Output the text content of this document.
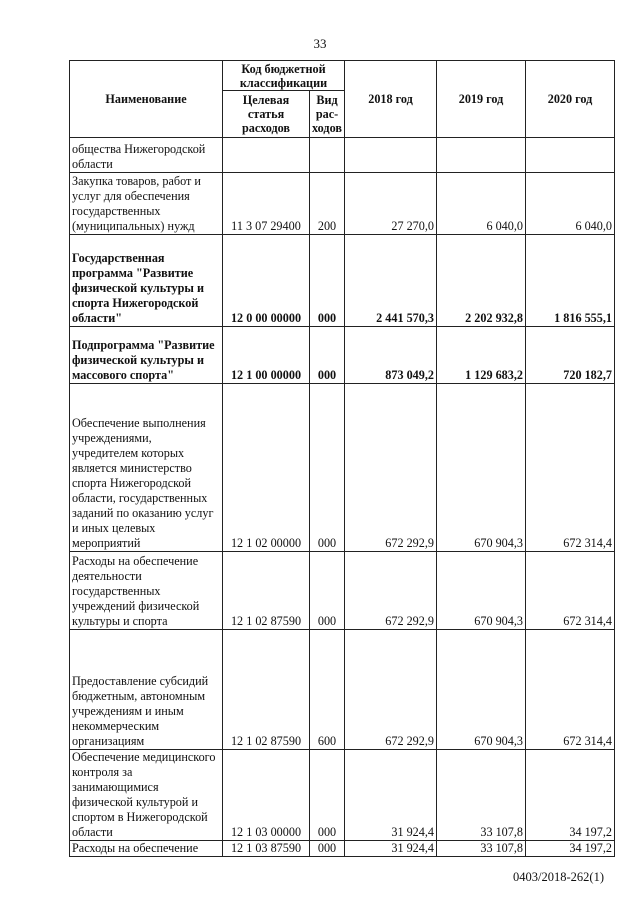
33
Наименование	Код бюджетной классификации		2018 год	2019 год	2020 год
	Целевая статья расходов	Вид рас-ходов			
общества Нижегородской области					
Закупка товаров, работ и услуг для обеспечения государственных (муниципальных) нужд	11 3 07 29400	200	27 270,0	6 040,0	6 040,0
Государственная программа "Развитие физической культуры и спорта Нижегородской области"	12 0 00 00000	000	2 441 570,3	2 202 932,8	1 816 555,1
Подпрограмма "Развитие физической культуры и массового спорта"	12 1 00 00000	000	873 049,2	1 129 683,2	720 182,7
Обеспечение выполнения учреждениями, учредителем которых является министерство спорта Нижегородской области, государственных заданий по оказанию услуг и иных целевых мероприятий	12 1 02 00000	000	672 292,9	670 904,3	672 314,4
Расходы на обеспечение деятельности государственных учреждений физической культуры и спорта	12 1 02 87590	000	672 292,9	670 904,3	672 314,4
Предоставление субсидий бюджетным, автономным учреждениям и иным некоммерческим организациям	12 1 02 87590	600	672 292,9	670 904,3	672 314,4
Обеспечение медицинского контроля за занимающимися физической культурой и спортом в Нижегородской области	12 1 03 00000	000	31 924,4	33 107,8	34 197,2
Расходы на обеспечение	12 1 03 87590	000	31 924,4	33 107,8	34 197,2
0403/2018-262(1)
